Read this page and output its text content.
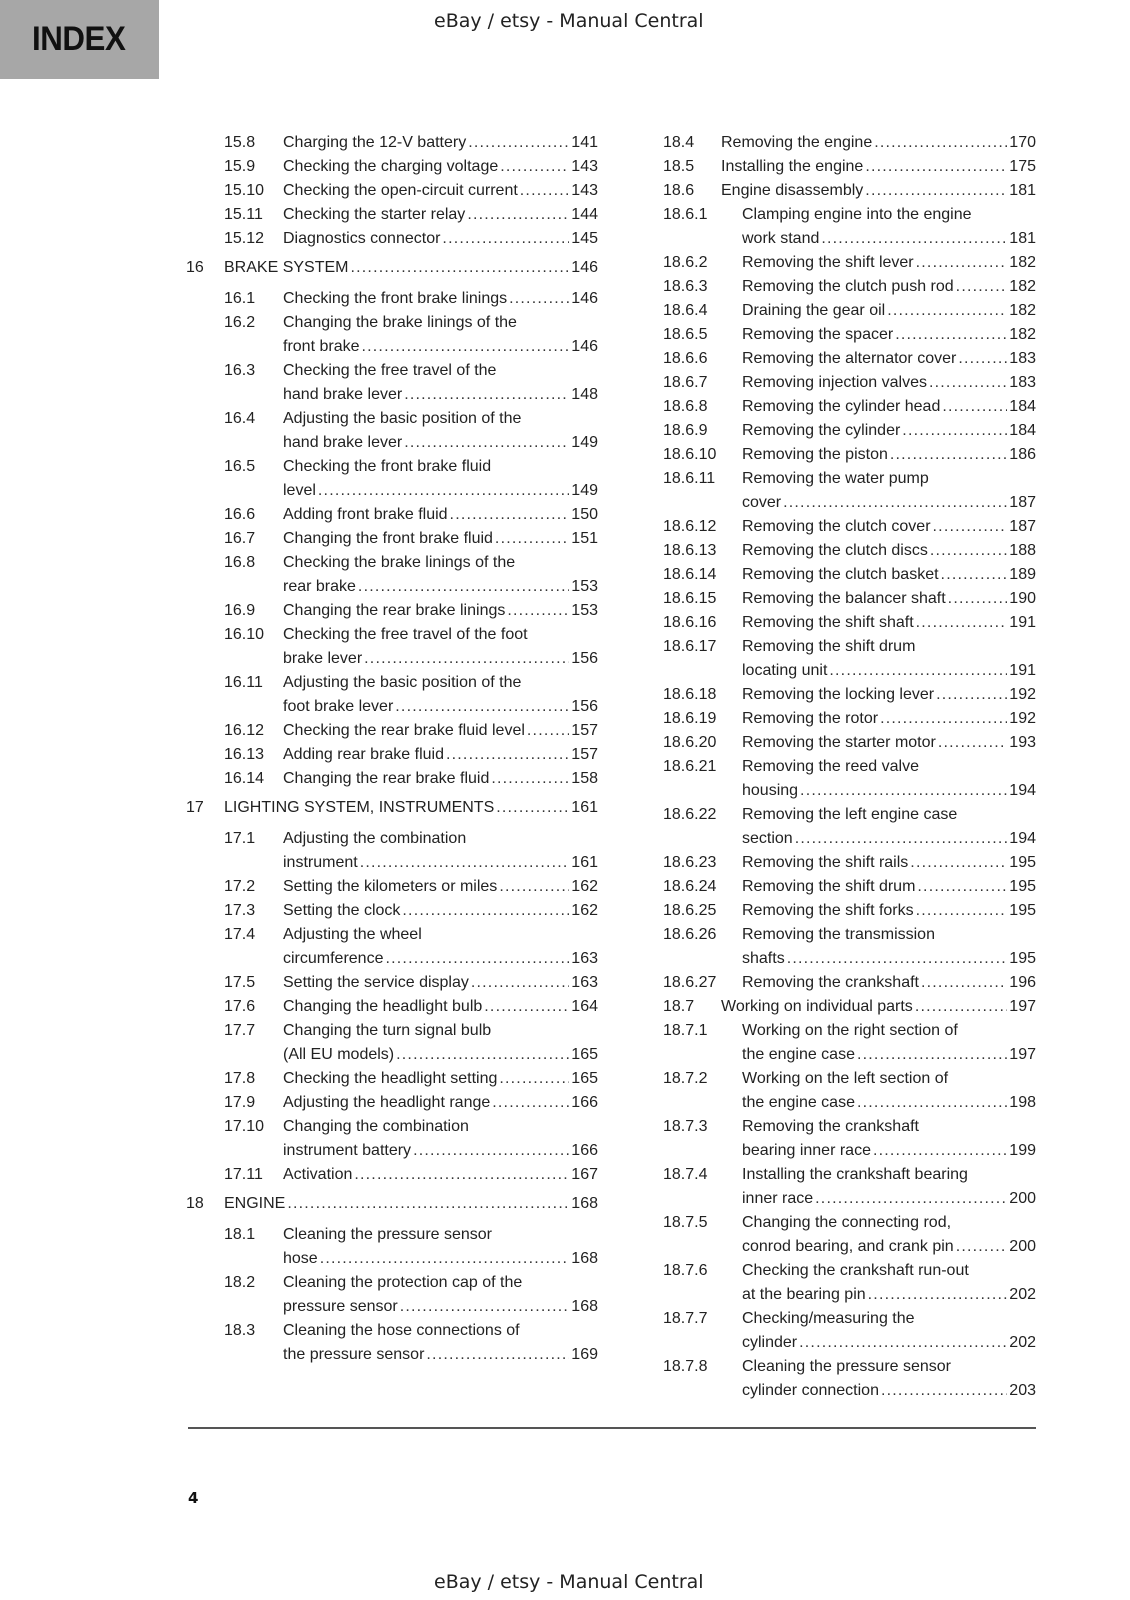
INDEX	eBay / etsy - Manual Central
15.8 Charging the 12-V battery .....	141
15.9 Checking the charging voltage .....	143
15.10 Checking the open-circuit current .....	143
15.11 Checking the starter relay .....	144
15.12 Diagnostics connector .....	145
16 BRAKE SYSTEM .....	146
16.1 Checking the front brake linings .....	146
16.2 Changing the brake linings of the
front brake .....	146
16.3 Checking the free travel of the
hand brake lever .....	148
16.4 Adjusting the basic position of the
hand brake lever .....	149
16.5 Checking the front brake fluid
level .....	149
16.6 Adding front brake fluid .....	150
16.7 Changing the front brake fluid .....	151
16.8 Checking the brake linings of the
rear brake .....	153
16.9 Changing the rear brake linings .....	153
16.10 Checking the free travel of the foot
brake lever .....	156
16.11 Adjusting the basic position of the
foot brake lever .....	156
16.12 Checking the rear brake fluid level .....	157
16.13 Adding rear brake fluid .....	157
16.14 Changing the rear brake fluid .....	158
17 LIGHTING SYSTEM, INSTRUMENTS .....	161
17.1 Adjusting the combination
instrument .....	161
17.2 Setting the kilometers or miles .....	162
17.3 Setting the clock .....	162
17.4 Adjusting the wheel
circumference .....	163
17.5 Setting the service display .....	163
17.6 Changing the headlight bulb .....	164
17.7 Changing the turn signal bulb
(All EU models) .....	165
17.8 Checking the headlight setting .....	165
17.9 Adjusting the headlight range .....	166
17.10 Changing the combination
instrument battery .....	166
17.11 Activation .....	167
18 ENGINE .....	168
18.1 Cleaning the pressure sensor
hose .....	168
18.2 Cleaning the protection cap of the
pressure sensor .....	168
18.3 Cleaning the hose connections of
the pressure sensor .....	169
18.4 Removing the engine .....	170
18.5 Installing the engine .....	175
18.6 Engine disassembly .....	181
18.6.1 Clamping engine into the engine
work stand .....	181
18.6.2 Removing the shift lever .....	182
18.6.3 Removing the clutch push rod .....	182
18.6.4 Draining the gear oil .....	182
18.6.5 Removing the spacer .....	182
18.6.6 Removing the alternator cover .....	183
18.6.7 Removing injection valves .....	183
18.6.8 Removing the cylinder head .....	184
18.6.9 Removing the cylinder .....	184
18.6.10 Removing the piston .....	186
18.6.11 Removing the water pump
cover .....	187
18.6.12 Removing the clutch cover .....	187
18.6.13 Removing the clutch discs .....	188
18.6.14 Removing the clutch basket .....	189
18.6.15 Removing the balancer shaft .....	190
18.6.16 Removing the shift shaft .....	191
18.6.17 Removing the shift drum
locating unit .....	191
18.6.18 Removing the locking lever .....	192
18.6.19 Removing the rotor .....	192
18.6.20 Removing the starter motor .....	193
18.6.21 Removing the reed valve
housing .....	194
18.6.22 Removing the left engine case
section .....	194
18.6.23 Removing the shift rails .....	195
18.6.24 Removing the shift drum .....	195
18.6.25 Removing the shift forks .....	195
18.6.26 Removing the transmission
shafts .....	195
18.6.27 Removing the crankshaft .....	196
18.7 Working on individual parts .....	197
18.7.1 Working on the right section of
the engine case .....	197
18.7.2 Working on the left section of
the engine case .....	198
18.7.3 Removing the crankshaft
bearing inner race .....	199
18.7.4 Installing the crankshaft bearing
inner race .....	200
18.7.5 Changing the connecting rod,
conrod bearing, and crank pin .....	200
18.7.6 Checking the crankshaft run-out
at the bearing pin .....	202
18.7.7 Checking/measuring the
cylinder .....	202
18.7.8 Cleaning the pressure sensor
cylinder connection .....	203
4
eBay / etsy - Manual Central
